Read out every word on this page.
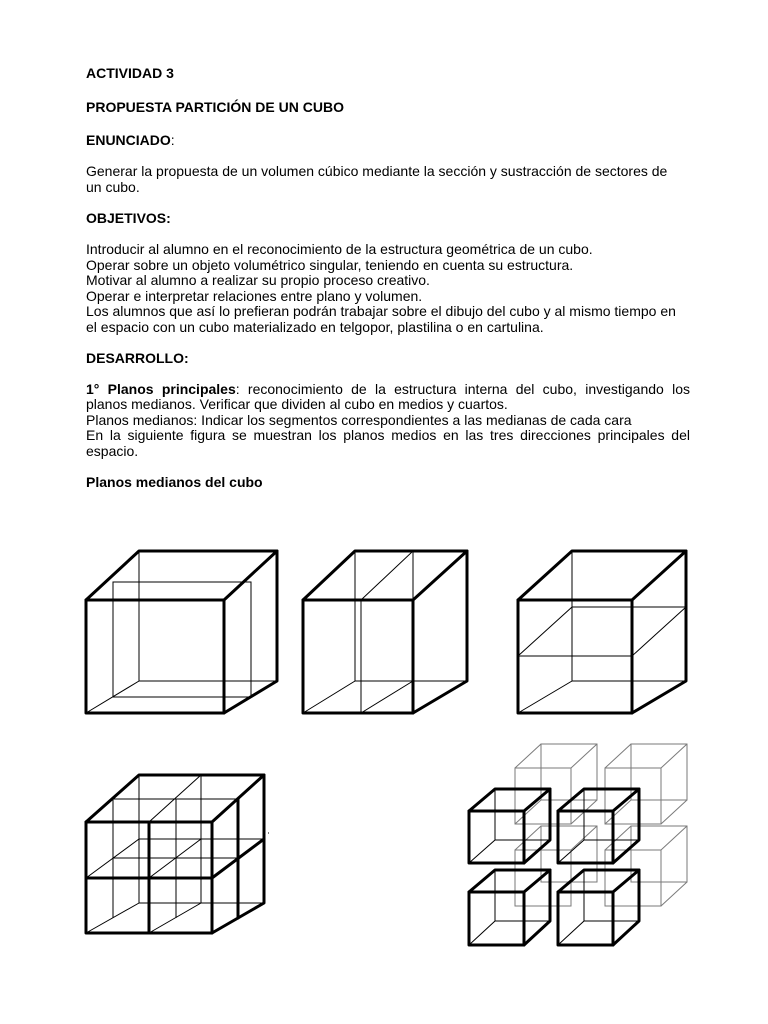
ACTIVIDAD 3
PROPUESTA PARTICIÓN DE UN CUBO
ENUNCIADO:
Generar la propuesta de un volumen cúbico mediante la sección y sustracción de sectores de
un cubo.
OBJETIVOS:
Introducir al alumno en el reconocimiento de la estructura geométrica de un cubo.
Operar sobre un objeto volumétrico singular, teniendo en cuenta su estructura.
Motivar al alumno a realizar su propio proceso creativo.
Operar e interpretar relaciones entre plano y volumen.
Los alumnos que así lo prefieran podrán trabajar sobre el dibujo del cubo y al mismo tiempo en
el espacio con un cubo materializado en telgopor, plastilina o en cartulina.
DESARROLLO:
1° Planos principales: reconocimiento de la estructura interna del cubo, investigando los
planos medianos. Verificar que dividen al cubo en medios y cuartos.
Planos medianos: Indicar los segmentos correspondientes a las medianas de cada cara
En la siguiente figura se muestran los planos medios en las tres direcciones principales del
espacio.
Planos medianos del cubo
